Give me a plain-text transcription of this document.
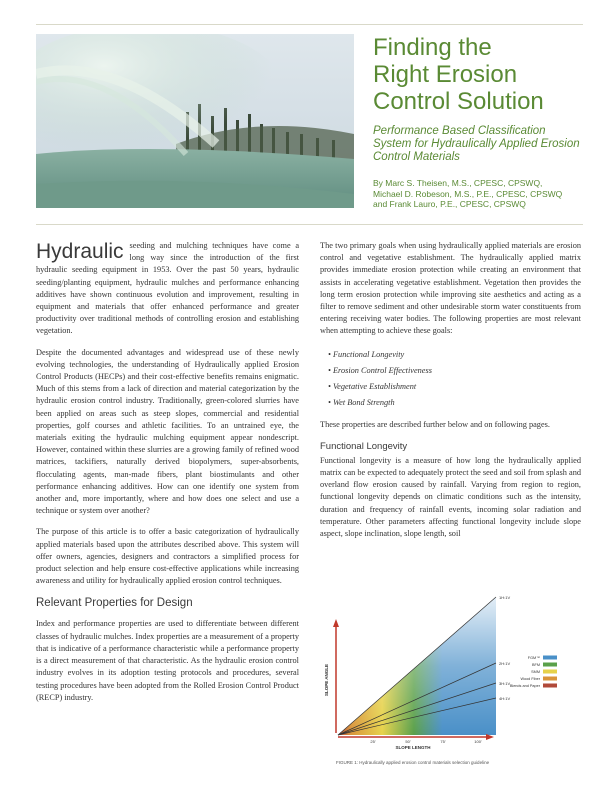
Finding the
Right Erosion
Control Solution
Performance Based Classification System for Hydraulically Applied Erosion Control Materials
By Marc S. Theisen, M.S., CPESC, CPSWQ,
Michael D. Robeson, M.S., P.E., CPESC, CPSWQ
and Frank Lauro, P.E., CPESC, CPSWQ

Hydraulic seeding and mulching techniques have come a long way since the introduction of the first hydraulic seeding equipment in 1953. Over the past 50 years, hydraulic seeding/planting equipment, hydraulic mulches and performance enhancing additives have shown continuous evolution and improvement, resulting in equipment and materials that offer enhanced performance and greater productivity over traditional methods of controlling erosion and establishing vegetation.

Despite the documented advantages and widespread use of these newly evolving technologies, the understanding of Hydraulically applied Erosion Control Products (HECPs) and their cost-effective benefits remains enigmatic. Much of this stems from a lack of direction and material categorization by the hydraulic erosion control industry. Traditionally, green-colored slurries have been applied on areas such as steep slopes, commercial and residential properties, golf courses and athletic facilities. To an untrained eye, the materials exiting the hydraulic mulching equipment appear nondescript. However, contained within these slurries are a growing family of refined wood matrices, tackifiers, naturally derived biopolymers, super-absorbents, flocculating agents, man-made fibers, plant biostimulants and other performance enhancing additives. How can one identify one system from another and, more importantly, where and how does one select and use a technique or system over another?

The purpose of this article is to offer a basic categorization of hydraulically applied materials based upon the attributes described above. This system will offer owners, agencies, designers and contractors a simplified process for product selection and help ensure cost-effective applications while increasing awareness and utility for hydraulically applied erosion control techniques.

Relevant Properties for Design

Index and performance properties are used to differentiate between different classes of hydraulic mulches. Index properties are a measurement of a property that is indicative of a performance characteristic while a performance property is a direct measurement of that characteristic. As the hydraulic erosion control industry evolves in its adoption testing protocols and procedures, several testing procedures have been adopted from the Rolled Erosion Control Product (RECP) industry.

The two primary goals when using hydraulically applied materials are erosion control and vegetative establishment. The hydraulically applied matrix provides immediate erosion protection while creating an environment that assists in accelerating vegetative establishment. Vegetation then provides the long term erosion protection while improving site aesthetics and acting as a filter to remove sediment and other undesirable storm water constituents from entering receiving water bodies. The following properties are most relevant when attempting to achieve these goals:

• Functional Longevity
• Erosion Control Effectiveness
• Vegetative Establishment
• Wet Bond Strength

These properties are described further below and on following pages.

Functional Longevity

Functional longevity is a measure of how long the hydraulically applied matrix can be expected to adequately protect the seed and soil from splash and overland flow erosion caused by rainfall. Varying from region to region, functional longevity depends on climatic conditions such as the intensity, duration and frequency of rainfall events, incoming solar radiation and temperature. Other parameters affecting functional longevity include slope aspect, slope inclination, slope length, soil

SLOPE ANGLE
SLOPE LENGTH
1H:1V
2H:1V
3H:1V
4H:1V
25'	50'	75'	100'
FGM™
BFM
SMM
Wood Fiber
Blends and Paper
FIGURE 1: Hydraulically applied erosion control materials selection guideline
